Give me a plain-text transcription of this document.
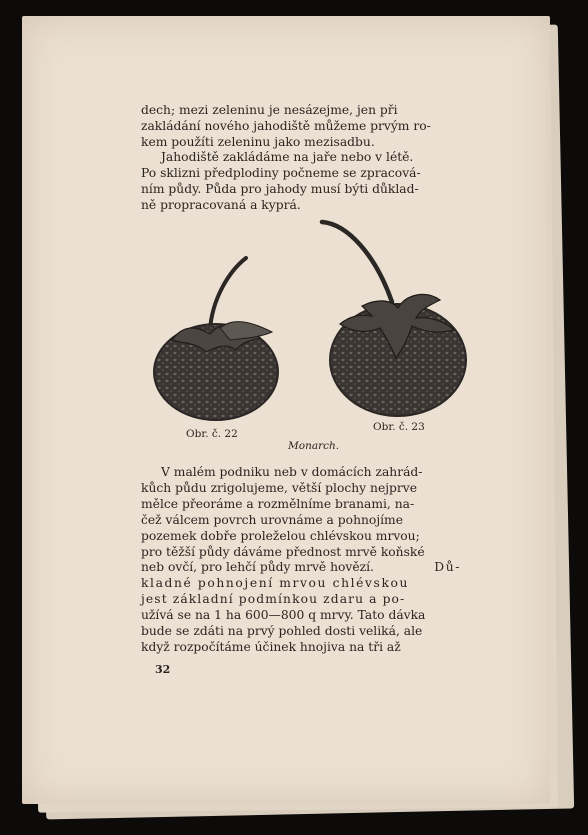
dech; mezi zeleninu je nesázejme, jen při

zakládání nového jahodiště můžeme prvým ro-

kem použíti zeleninu jako mezisadbu.

Jahodiště zakládáme na jaře nebo v létě.

Po sklizni předplodiny počneme se zpracová-

ním půdy. Půda pro jahody musí býti důklad-

ně propracovaná a kyprá.

Obr. č. 22
Obr. č. 23
Monarch.

V malém podniku neb v domácích zahrád-

kůch půdu zrigolujeme, větší plochy nejprve

mělce přeoráme a rozmělníme branami, na-

čež válcem povrch urovnáme a pohnojíme

pozemek dobře proleželou chlévskou mrvou;

pro těžší půdy dáváme přednost mrvě koňské

neb ovčí, pro lehčí půdy mrvě hovězí.	Dů-

kladné pohnojení mrvou chlévskou

jest základní podmínkou zdaru a po-

užívá se na 1 ha 600—800 q mrvy. Tato dávka

bude se zdáti na prvý pohled dosti veliká, ale

když rozpočítáme účinek hnojiva na tři až

32
